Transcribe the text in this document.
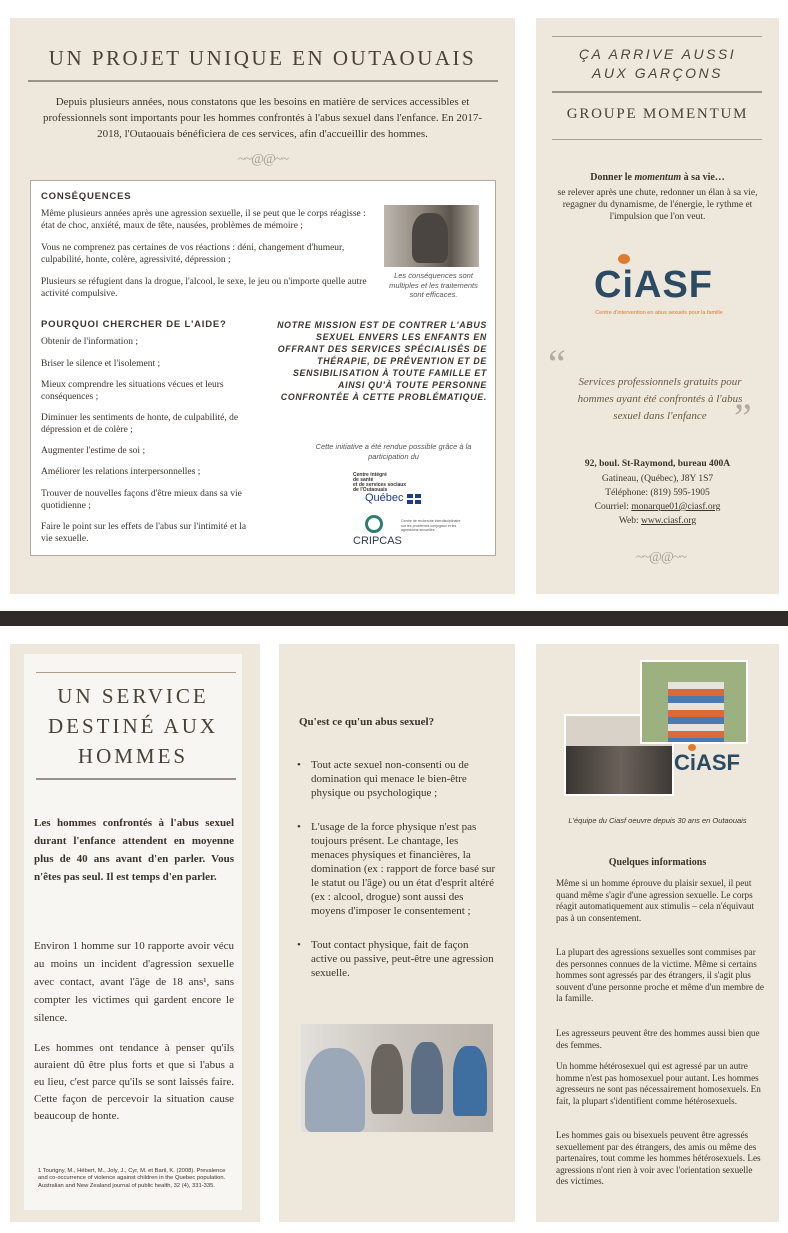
UN PROJET UNIQUE EN OUTAOUAIS
Depuis plusieurs années, nous constatons que les besoins en matière de services accessibles et professionnels sont importants pour les hommes confrontés à l'abus sexuel dans l'enfance. En 2017-2018, l'Outaouais bénéficiera de ces services, afin d'accueillir des hommes.
~~@@~~
CONSÉQUENCES
Même plusieurs années après une agression sexuelle, il se peut que le corps réagisse : état de choc, anxiété, maux de tête, nausées, problèmes de mémoire ;
Vous ne comprenez pas certaines de vos réactions : déni, changement d'humeur, culpabilité, honte, colère, agressivité, dépression ;
Plusieurs se réfugient dans la drogue, l'alcool, le sexe, le jeu ou n'importe quelle autre activité compulsive.
Les conséquences sont multiples et les traitements sont efficaces.
POURQUOI CHERCHER DE L'AIDE?
Obtenir de l'information ;
Briser le silence et l'isolement ;
Mieux comprendre les situations vécues et leurs conséquences ;
Diminuer les sentiments de honte, de culpabilité, de dépression et de colère ;
Augmenter l'estime de soi ;
Améliorer les relations interpersonnelles ;
Trouver de nouvelles façons d'être mieux dans sa vie quotidienne ;
Faire le point sur les effets de l'abus sur l'intimité et la vie sexuelle.
NOTRE MISSION EST DE CONTRER L'ABUS SEXUEL ENVERS LES ENFANTS EN OFFRANT DES SERVICES SPÉCIALISÉS DE THÉRAPIE, DE PRÉVENTION ET DE SENSIBILISATION À TOUTE FAMILLE ET AINSI QU'À TOUTE PERSONNE CONFRONTÉE À CETTE PROBLÉMATIQUE.
Cette initiative a été rendue possible grâce à la participation du
Centre intégré
de santé
et de services sociaux
de l'Outaouais
Québec
CRIPCAS
Centre de recherche interdisciplinaire sur les problèmes conjugaux et les agressions sexuelles
ÇA ARRIVE AUSSI
AUX GARÇONS
GROUPE MOMENTUM
Donner le momentum à sa vie…
se relever après une chute, redonner un élan à sa vie, regagner du dynamisme, de l'énergie, le rythme et l'impulsion que l'on veut.
CiASF
Centre d'intervention en abus sexuels pour la famille
“ Services professionnels gratuits pour hommes ayant été confrontés à l'abus sexuel dans l'enfance ”
92, boul. St-Raymond, bureau 400A
Gatineau, (Québec), J8Y 1S7
Téléphone: (819) 595-1905
Courriel: monarque01@ciasf.org
Web: www.ciasf.org
~~@@~~
UN SERVICE
DESTINÉ AUX
HOMMES
Les hommes confrontés à l'abus sexuel durant l'enfance attendent en moyenne plus de 40 ans avant d'en parler. Vous n'êtes pas seul. Il est temps d'en parler.
Environ 1 homme sur 10 rapporte avoir vécu au moins un incident d'agression sexuelle avec contact, avant l'âge de 18 ans¹, sans compter les victimes qui gardent encore le silence.
Les hommes ont tendance à penser qu'ils auraient dû être plus forts et que si l'abus a eu lieu, c'est parce qu'ils se sont laissés faire. Cette façon de percevoir la situation cause beaucoup de honte.
1 Tourigny, M., Hébert, M., Joly, J., Cyr, M. et Baril, K. (2008). Prevalence and co-occurrence of violence against children in the Quebec population. Australian and New Zealand journal of public health, 32 (4), 331-335.
Qu'est ce qu'un abus sexuel?
• Tout acte sexuel non-consenti ou de domination qui menace le bien-être physique ou psychologique ;
• L'usage de la force physique n'est pas toujours présent. Le chantage, les menaces physiques et financières, la domination (ex : rapport de force basé sur le statut ou l'âge) ou un état d'esprit altéré (ex : alcool, drogue) sont aussi des moyens d'imposer le consentement ;
• Tout contact physique, fait de façon active ou passive, peut-être une agression sexuelle.
CiASF
L'équipe du Ciasf oeuvre depuis 30 ans en Outaouais
Quelques informations
Même si un homme éprouve du plaisir sexuel, il peut quand même s'agir d'une agression sexuelle. Le corps réagit automatiquement aux stimulis – cela n'équivaut pas à un consentement.
La plupart des agressions sexuelles sont commises par des personnes connues de la victime. Même si certains hommes sont agressés par des étrangers, il s'agit plus souvent d'une personne proche et même d'un membre de la famille.
Les agresseurs peuvent être des hommes aussi bien que des femmes.
Un homme hétérosexuel qui est agressé par un autre homme n'est pas homosexuel pour autant. Les hommes agresseurs ne sont pas nécessairement homosexuels. En fait, la plupart s'identifient comme hétérosexuels.
Les hommes gais ou bisexuels peuvent être agressés sexuellement par des étrangers, des amis ou même des partenaires, tout comme les hommes hétérosexuels. Les agressions n'ont rien à voir avec l'orientation sexuelle des victimes.
